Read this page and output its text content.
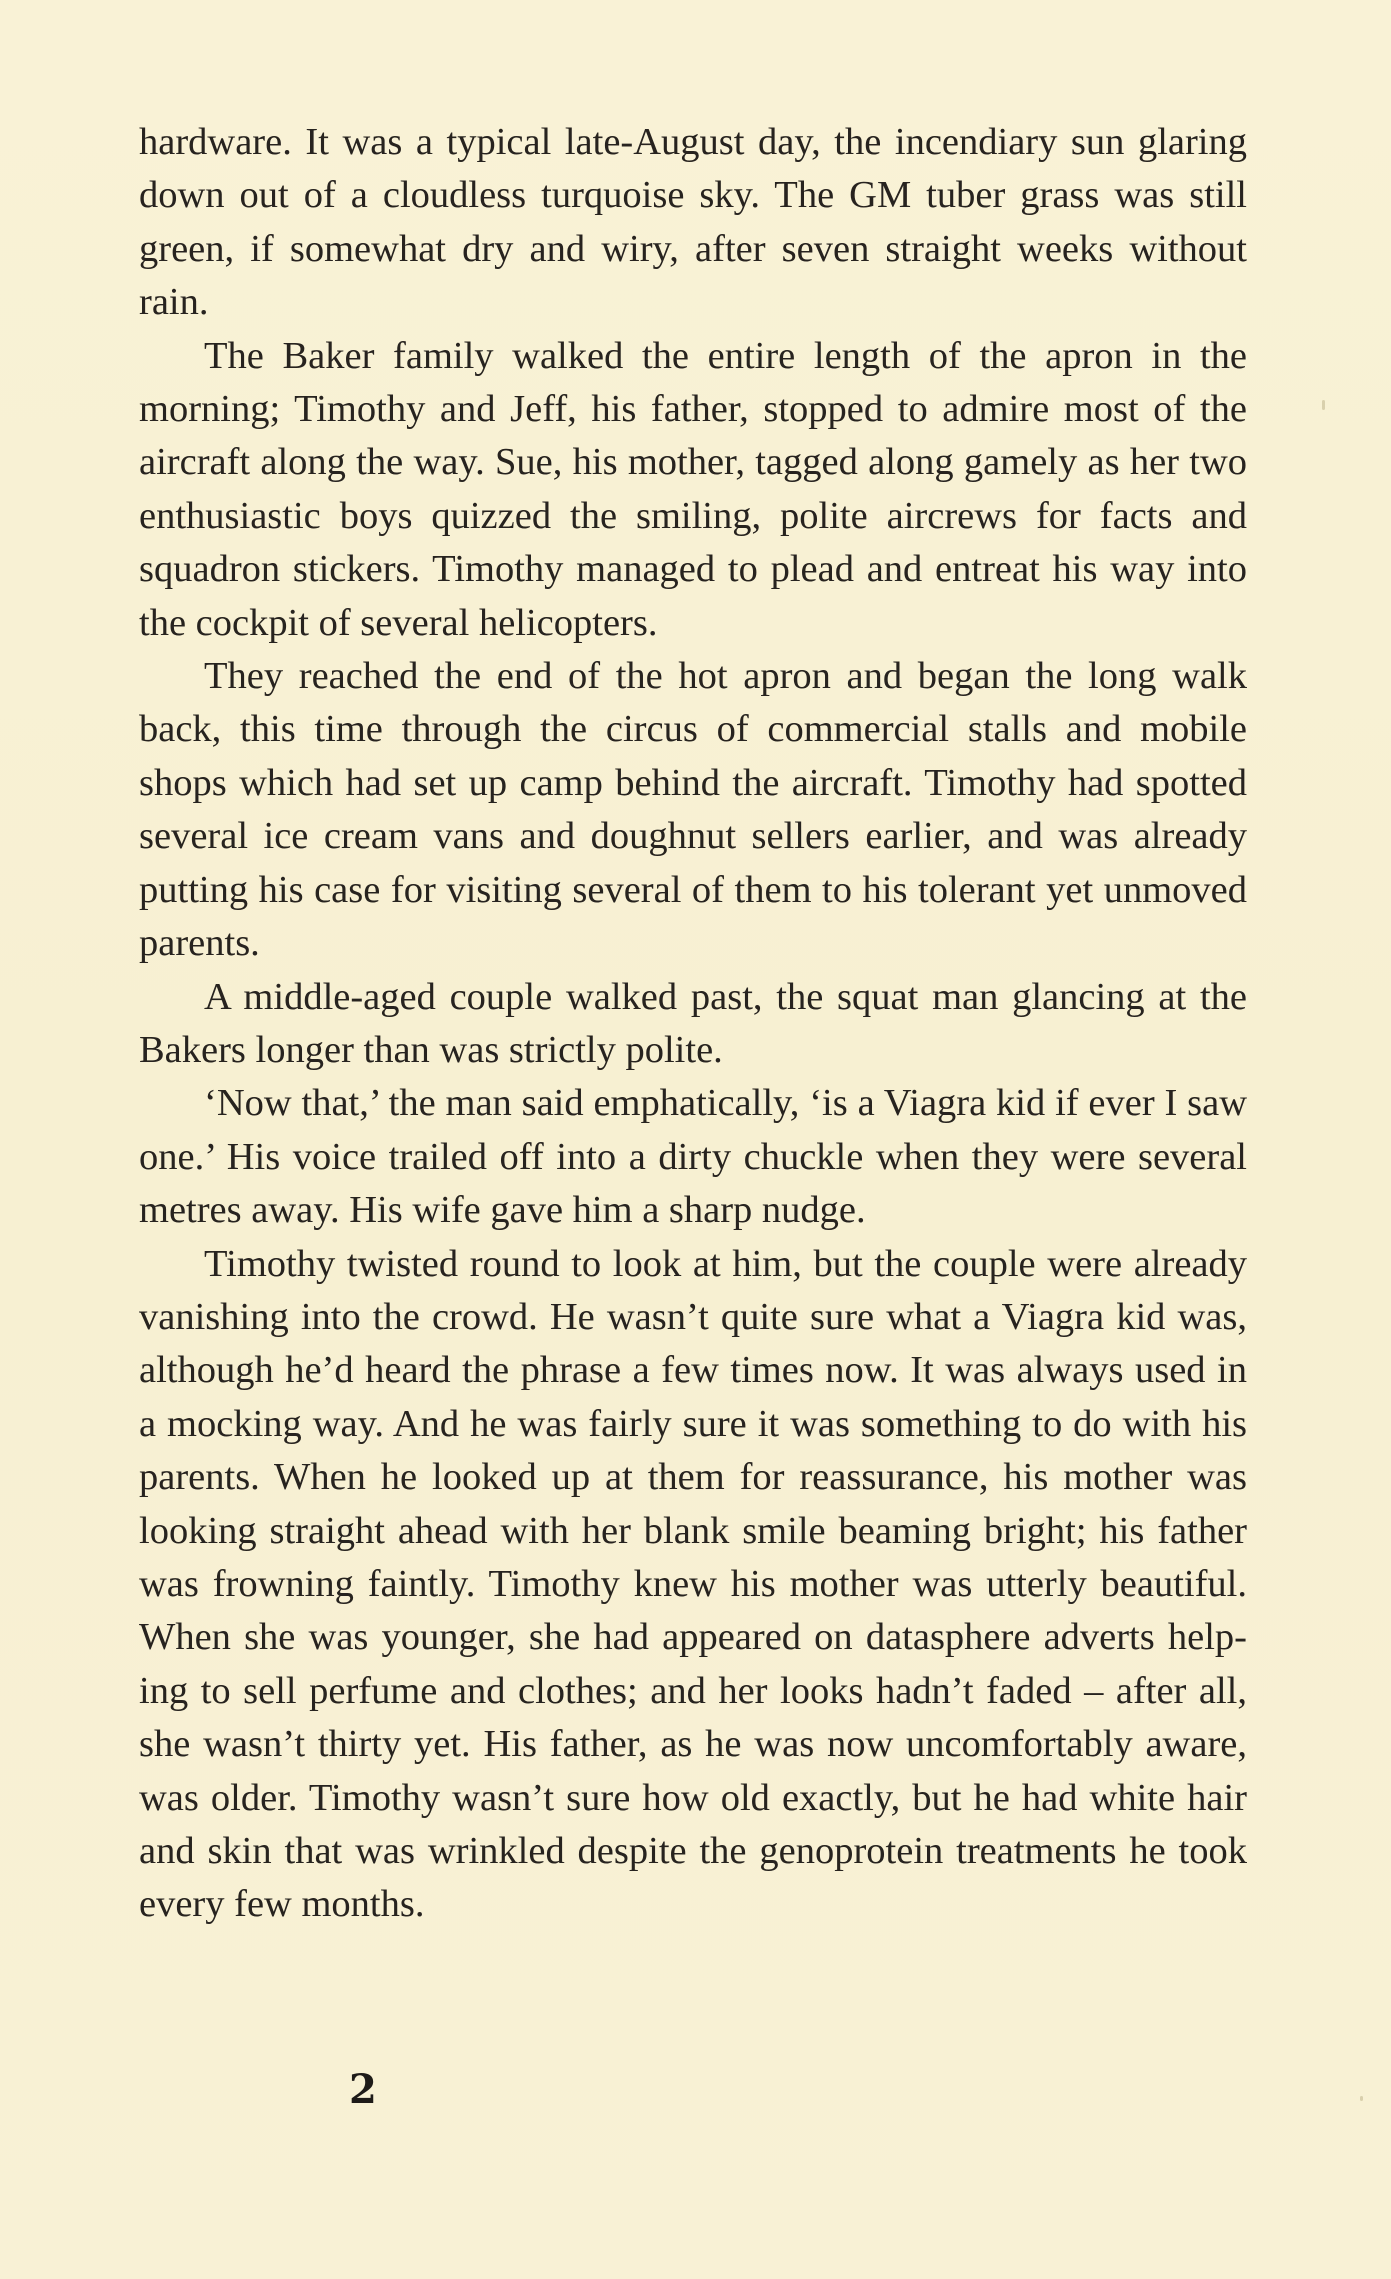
hardware. It was a typical late-August day, the incendiary sun glaring down out of a cloudless turquoise sky. The GM tuber grass was still green, if somewhat dry and wiry, after seven straight weeks without rain.

The Baker family walked the entire length of the apron in the morning; Timothy and Jeff, his father, stopped to admire most of the aircraft along the way. Sue, his mother, tagged along gamely as her two enthusiastic boys quizzed the smiling, polite aircrews for facts and squadron stickers. Timothy managed to plead and entreat his way into the cockpit of several helicopters.

They reached the end of the hot apron and began the long walk back, this time through the circus of commercial stalls and mobile shops which had set up camp behind the aircraft. Timothy had spotted several ice cream vans and doughnut sellers earlier, and was already putting his case for visiting several of them to his tolerant yet unmoved parents.

A middle-aged couple walked past, the squat man glancing at the Bakers longer than was strictly polite.

‘Now that,’ the man said emphatically, ‘is a Viagra kid if ever I saw one.’ His voice trailed off into a dirty chuckle when they were several metres away. His wife gave him a sharp nudge.

Timothy twisted round to look at him, but the couple were already vanishing into the crowd. He wasn’t quite sure what a Viagra kid was, although he’d heard the phrase a few times now. It was always used in a mocking way. And he was fairly sure it was something to do with his parents. When he looked up at them for reassurance, his mother was looking straight ahead with her blank smile beaming bright; his father was frowning faintly. Timothy knew his mother was utterly beautiful. When she was younger, she had appeared on datasphere adverts helping to sell perfume and clothes; and her looks hadn’t faded – after all, she wasn’t thirty yet. His father, as he was now uncomfortably aware, was older. Timothy wasn’t sure how old exactly, but he had white hair and skin that was wrinkled despite the genoprotein treatments he took every few months.

2
